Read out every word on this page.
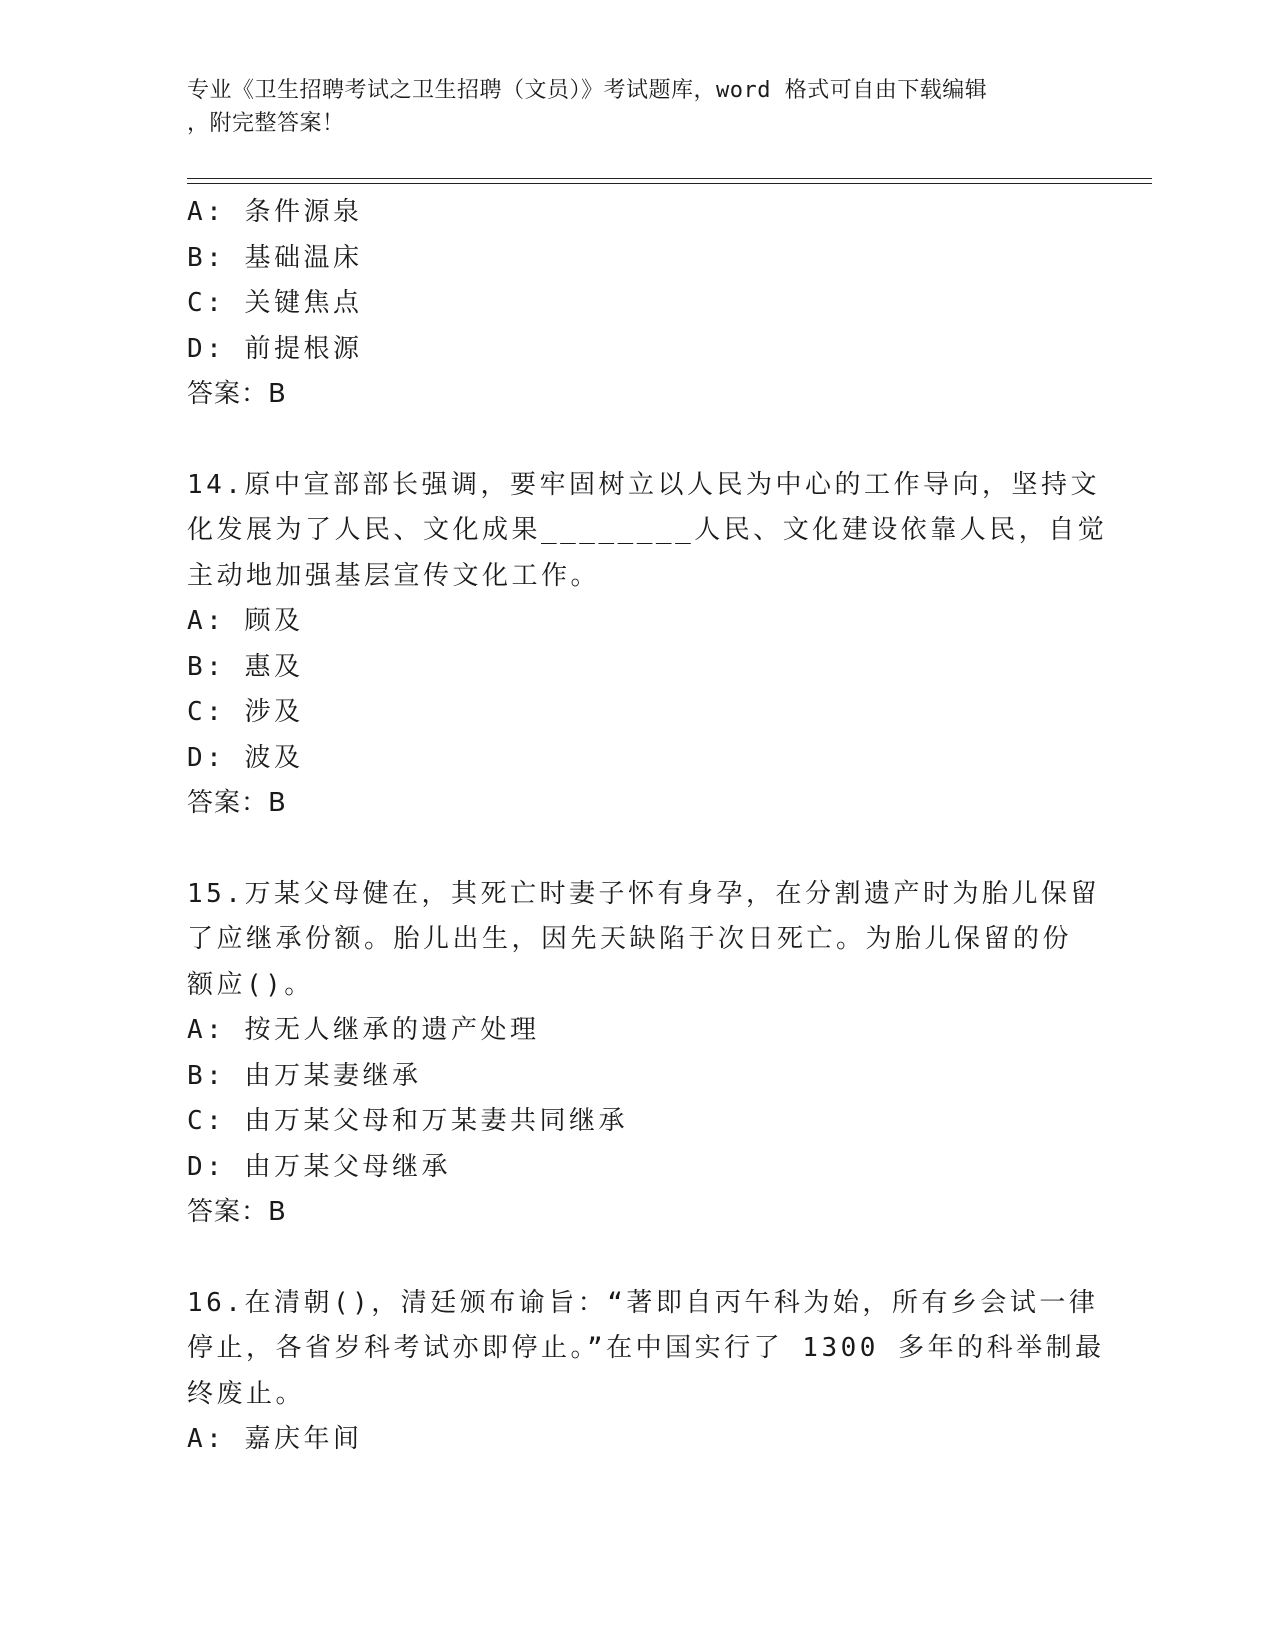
专业《卫生招聘考试之卫生招聘（文员）》考试题库，word 格式可自由下载编辑
，附完整答案！
A: 条件源泉
B: 基础温床
C: 关键焦点
D: 前提根源
答案：B
14.原中宣部部长强调，要牢固树立以人民为中心的工作导向，坚持文
化发展为了人民、文化成果________人民、文化建设依靠人民，自觉
主动地加强基层宣传文化工作。
A: 顾及
B: 惠及
C: 涉及
D: 波及
答案：B
15.万某父母健在，其死亡时妻子怀有身孕，在分割遗产时为胎儿保留
了应继承份额。胎儿出生，因先天缺陷于次日死亡。为胎儿保留的份
额应()。
A: 按无人继承的遗产处理
B: 由万某妻继承
C: 由万某父母和万某妻共同继承
D: 由万某父母继承
答案：B
16.在清朝()，清廷颁布谕旨：“著即自丙午科为始，所有乡会试一律
停止，各省岁科考试亦即停止。”在中国实行了 1300 多年的科举制最
终废止。
A: 嘉庆年间
